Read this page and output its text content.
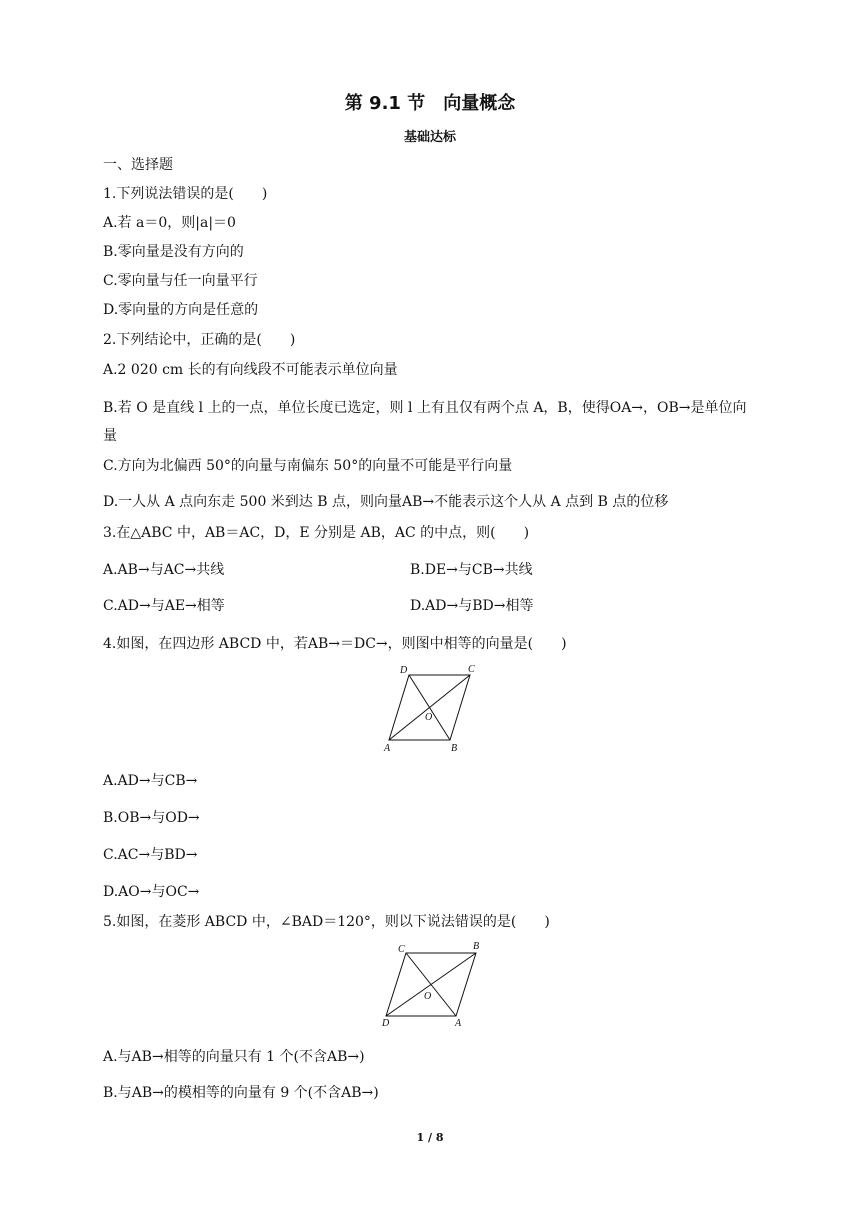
第 9.1 节　向量概念
基础达标
一、选择题
1.下列说法错误的是(　　)
A.若 a＝0，则|a|＝0
B.零向量是没有方向的
C.零向量与任一向量平行
D.零向量的方向是任意的
2.下列结论中，正确的是(　　)
A.2 020 cm 长的有向线段不可能表示单位向量
B.若 O 是直线 l 上的一点，单位长度已选定，则 l 上有且仅有两个点 A，B，使得OA→，OB→是单位向
量
C.方向为北偏西 50°的向量与南偏东 50°的向量不可能是平行向量
D.一人从 A 点向东走 500 米到达 B 点，则向量AB→不能表示这个人从 A 点到 B 点的位移
3.在△ABC 中，AB＝AC，D，E 分别是 AB，AC 的中点，则(　　)
A.AB→与AC→共线	B.DE→与CB→共线
C.AD→与AE→相等	D.AD→与BD→相等
4.如图，在四边形 ABCD 中，若AB→＝DC→，则图中相等的向量是(　　)
D	C
O
A	B
A.AD→与CB→
B.OB→与OD→
C.AC→与BD→
D.AO→与OC→
5.如图，在菱形 ABCD 中，∠BAD＝120°，则以下说法错误的是(　　)
C	B
O
D	A
A.与AB→相等的向量只有 1 个(不含AB→)
B.与AB→的模相等的向量有 9 个(不含AB→)
1 / 8
